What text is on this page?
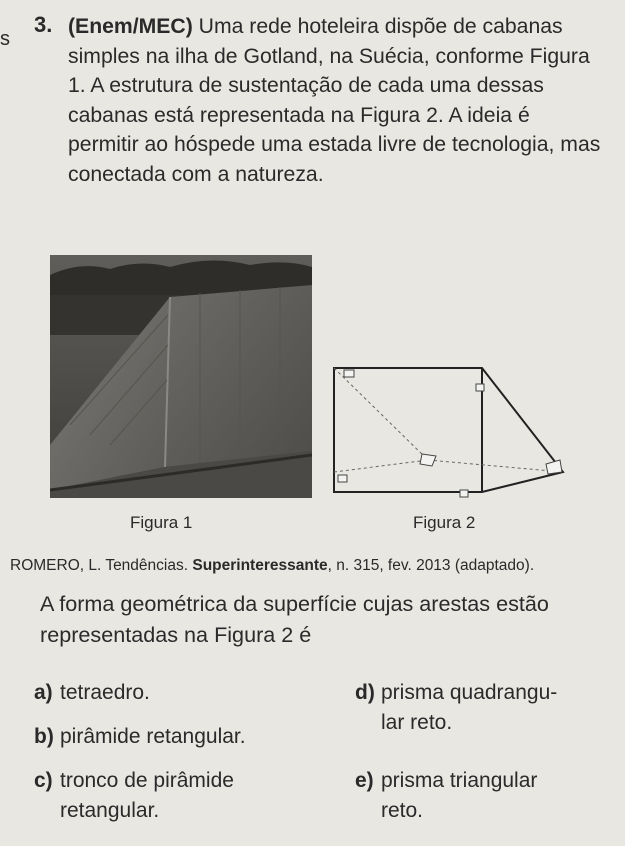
s
3. (Enem/MEC) Uma rede hoteleira dispõe de cabanas simples na ilha de Gotland, na Suécia, conforme Figura 1. A estrutura de sustentação de cada uma dessas cabanas está representada na Figura 2. A ideia é permitir ao hóspede uma estada livre de tecnologia, mas conectada com a natureza.
Figura 1	Figura 2
ROMERO, L. Tendências. Superinteressante, n. 315, fev. 2013 (adaptado).
A forma geométrica da superfície cujas arestas estão representadas na Figura 2 é
a) tetraedro.
b) pirâmide retangular.
c) tronco de pirâmide
retangular.
d) prisma quadrangu-
lar reto.
e) prisma triangular
reto.
